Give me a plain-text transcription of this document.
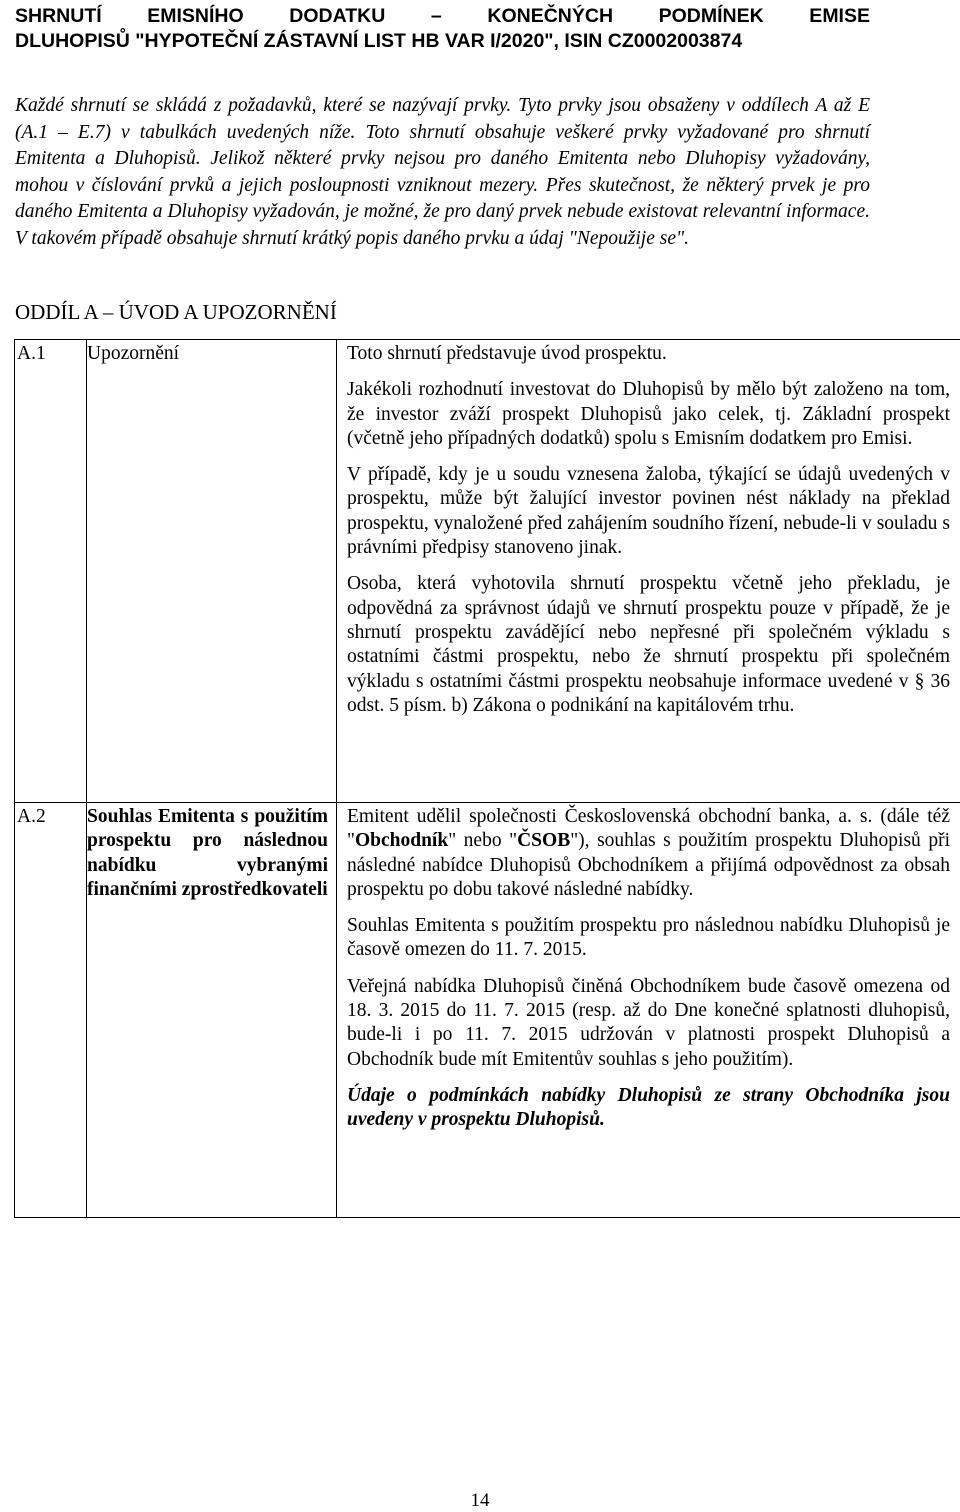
SHRNUTÍ EMISNÍHO DODATKU – KONEČNÝCH PODMÍNEK EMISE
DLUHOPISŮ "HYPOTEČNÍ ZÁSTAVNÍ LIST HB VAR I/2020", ISIN CZ0002003874
Každé shrnutí se skládá z požadavků, které se nazývají prvky. Tyto prvky jsou obsaženy v oddílech A až E (A.1 – E.7) v tabulkách uvedených níže. Toto shrnutí obsahuje veškeré prvky vyžadované pro shrnutí Emitenta a Dluhopisů. Jelikož některé prvky nejsou pro daného Emitenta nebo Dluhopisy vyžadovány, mohou v číslování prvků a jejich posloupnosti vzniknout mezery. Přes skutečnost, že některý prvek je pro daného Emitenta a Dluhopisy vyžadován, je možné, že pro daný prvek nebude existovat relevantní informace. V takovém případě obsahuje shrnutí krátký popis daného prvku a údaj "Nepoužije se".
ODDÍL A – ÚVOD A UPOZORNĚNÍ
A.1	Upozornění	Toto shrnutí představuje úvod prospektu.

Jakékoli rozhodnutí investovat do Dluhopisů by mělo být založeno na tom, že investor zváží prospekt Dluhopisů jako celek, tj. Základní prospekt (včetně jeho případných dodatků) spolu s Emisním dodatkem pro Emisi.

V případě, kdy je u soudu vznesena žaloba, týkající se údajů uvedených v prospektu, může být žalující investor povinen nést náklady na překlad prospektu, vynaložené před zahájením soudního řízení, nebude-li v souladu s právními předpisy stanoveno jinak.

Osoba, která vyhotovila shrnutí prospektu včetně jeho překladu, je odpovědná za správnost údajů ve shrnutí prospektu pouze v případě, že je shrnutí prospektu zavádějící nebo nepřesné při společném výkladu s ostatními částmi prospektu, nebo že shrnutí prospektu při společném výkladu s ostatními částmi prospektu neobsahuje informace uvedené v § 36 odst. 5 písm. b) Zákona o podnikání na kapitálovém trhu.

A.2	Souhlas Emitenta s použitím prospektu pro následnou nabídku vybranými finančními zprostředkovateli	Emitent udělil společnosti Československá obchodní banka, a. s. (dále též "Obchodník" nebo "ČSOB"), souhlas s použitím prospektu Dluhopisů při následné nabídce Dluhopisů Obchodníkem a přijímá odpovědnost za obsah prospektu po dobu takové následné nabídky.

Souhlas Emitenta s použitím prospektu pro následnou nabídku Dluhopisů je časově omezen do 11. 7. 2015.

Veřejná nabídka Dluhopisů činěná Obchodníkem bude časově omezena od 18. 3. 2015 do 11. 7. 2015 (resp. až do Dne konečné splatnosti dluhopisů, bude-li i po 11. 7. 2015 udržován v platnosti prospekt Dluhopisů a Obchodník bude mít Emitentův souhlas s jeho použitím).

Údaje o podmínkách nabídky Dluhopisů ze strany Obchodníka jsou uvedeny v prospektu Dluhopisů.

14
